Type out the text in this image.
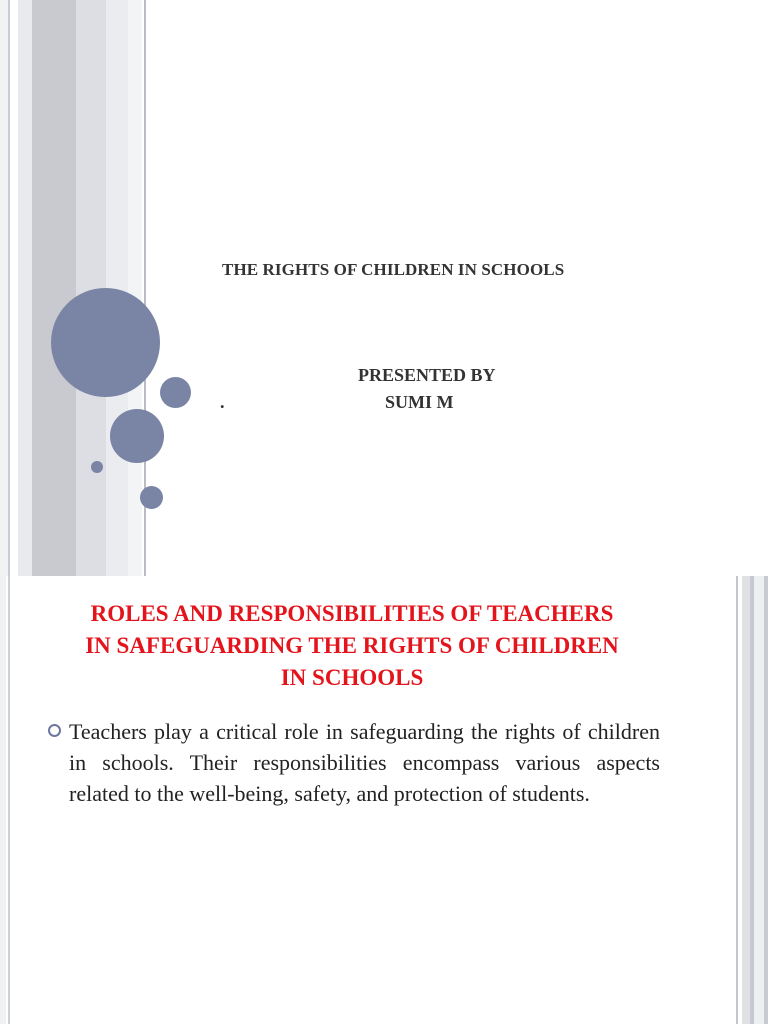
THE RIGHTS OF CHILDREN IN SCHOOLS
PRESENTED BY
.	SUMI M
ROLES AND RESPONSIBILITIES OF TEACHERS
IN SAFEGUARDING THE RIGHTS OF CHILDREN
IN SCHOOLS
Teachers play a critical role in safeguarding the rights of children in schools. Their responsibilities encompass various aspects related to the well-being, safety, and protection of students.
